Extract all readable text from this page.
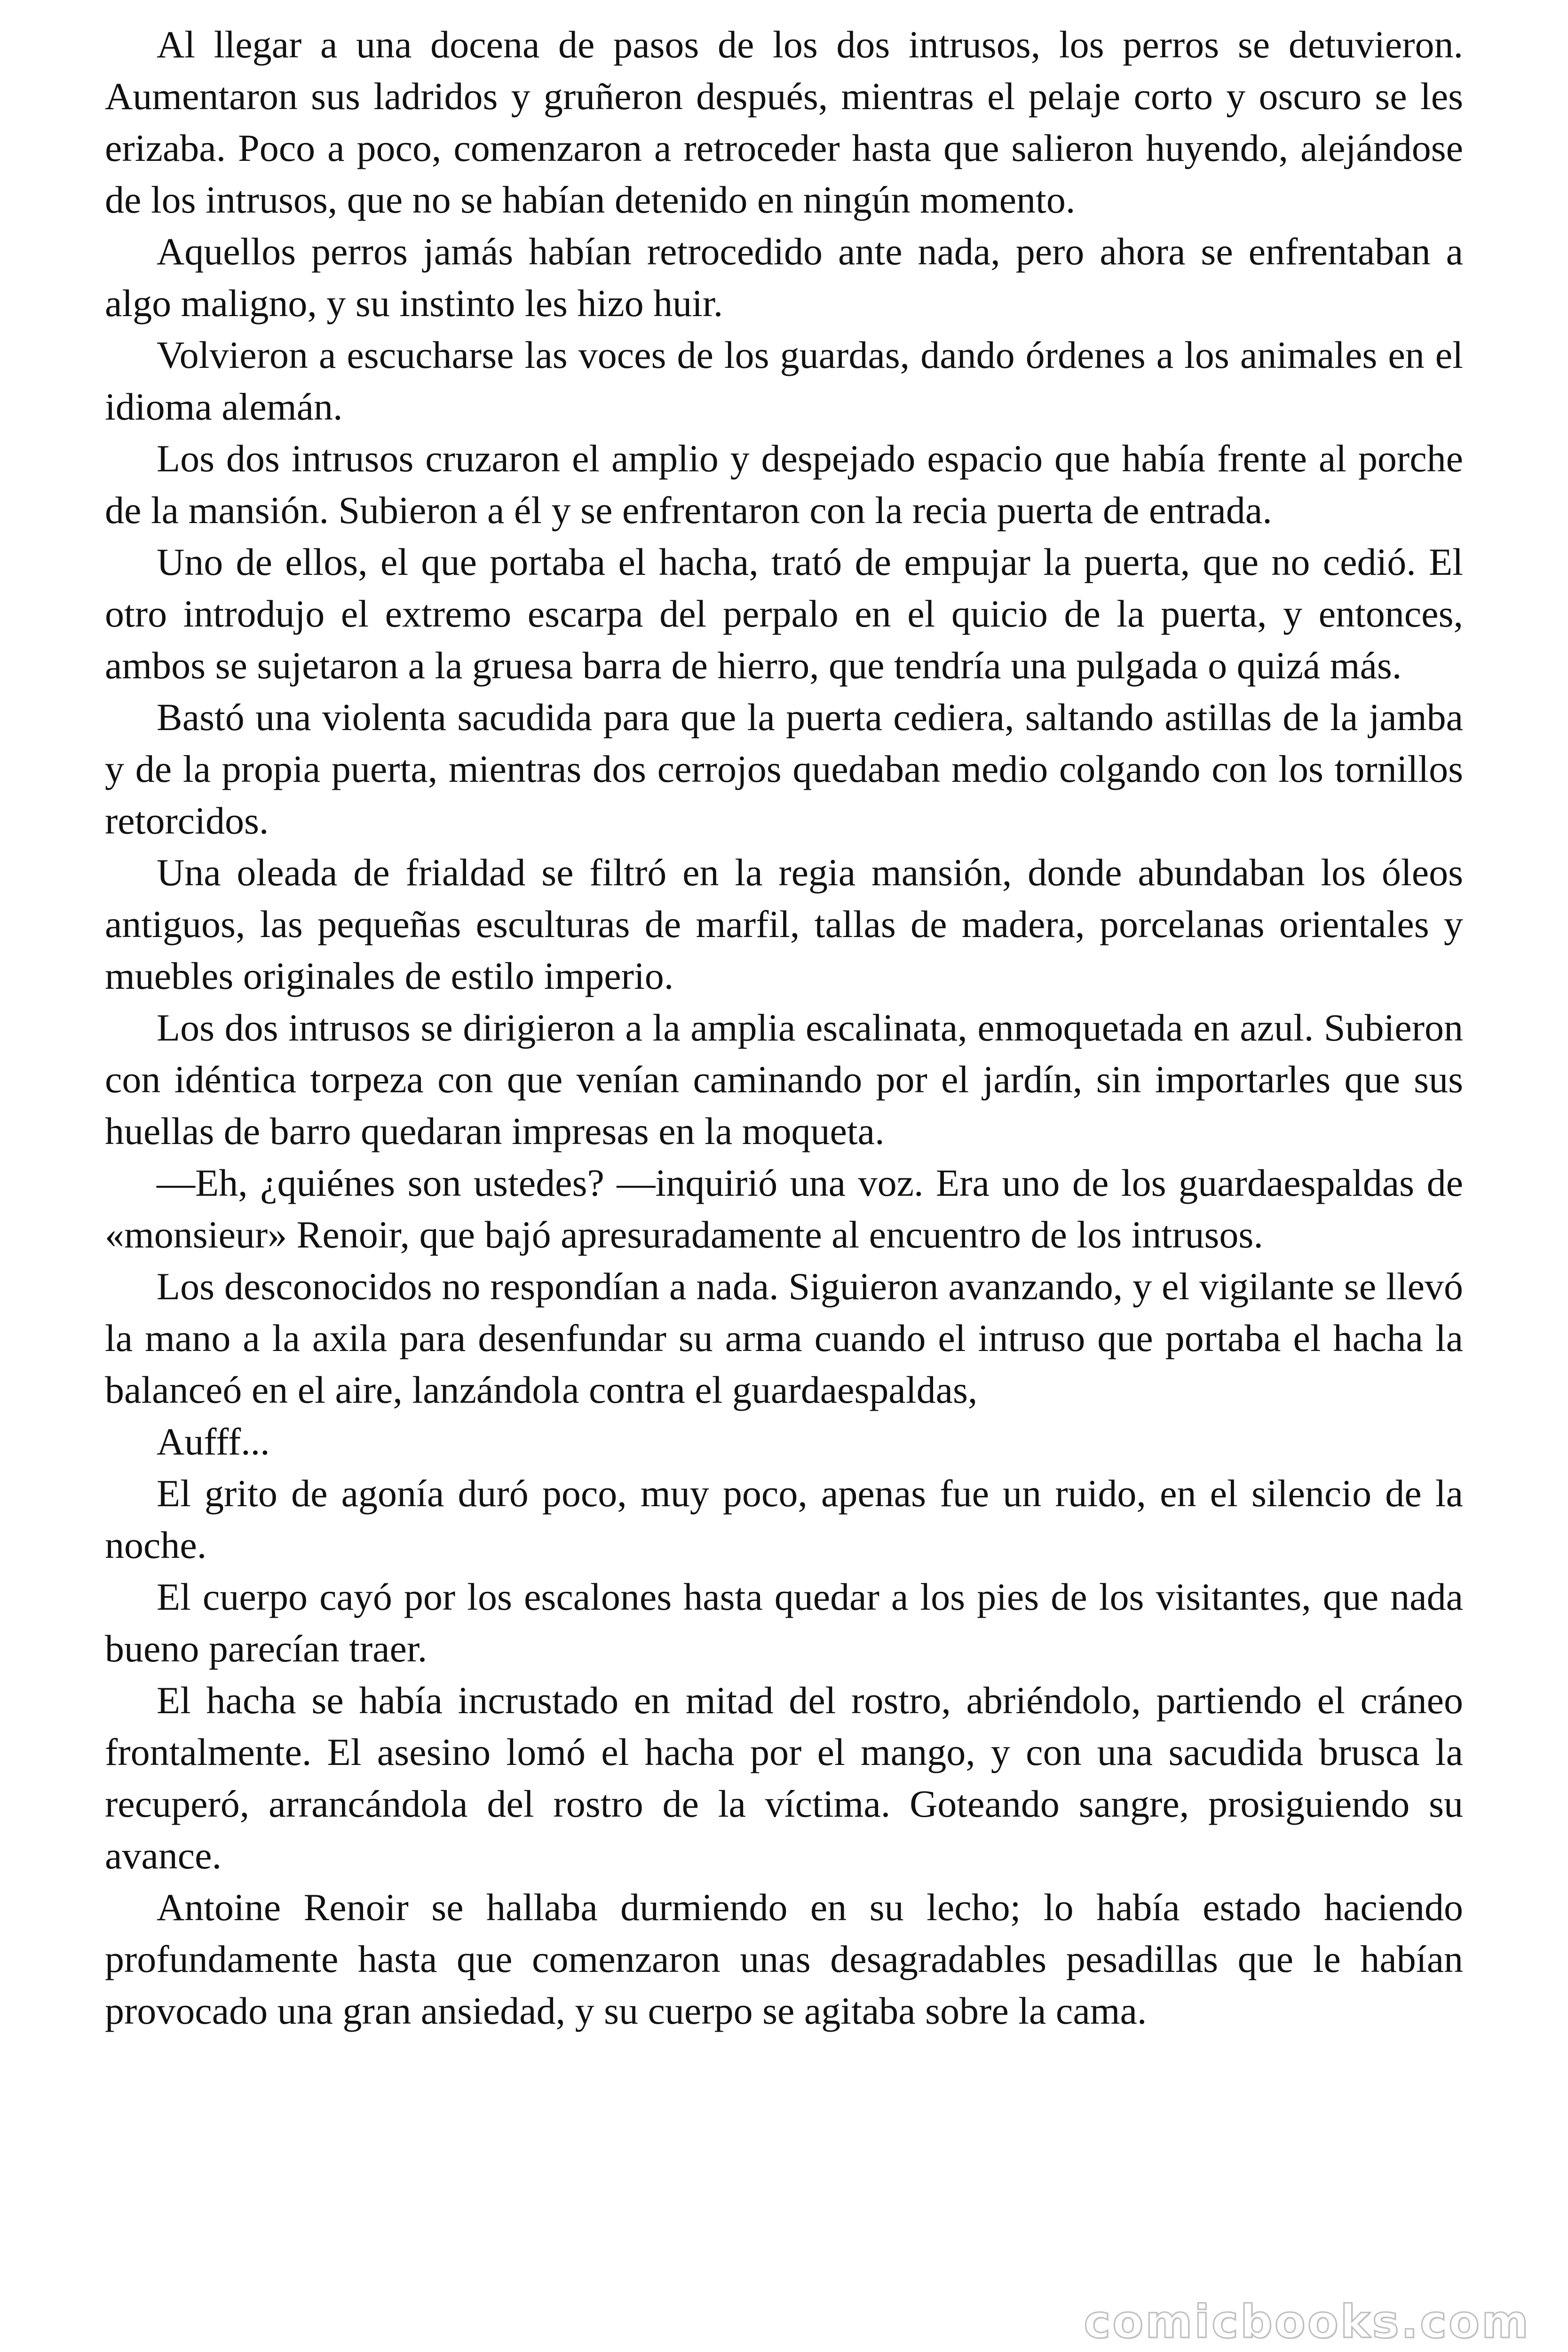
Al llegar a una docena de pasos de los dos intrusos, los perros se detuvieron. Aumentaron sus ladridos y gruñeron después, mientras el pelaje corto y oscuro se les erizaba. Poco a poco, comenzaron a retroceder hasta que salieron huyendo, alejándose de los intrusos, que no se habían detenido en ningún momento.

Aquellos perros jamás habían retrocedido ante nada, pero ahora se enfrentaban a algo maligno, y su instinto les hizo huir.

Volvieron a escucharse las voces de los guardas, dando órdenes a los animales en el idioma alemán.

Los dos intrusos cruzaron el amplio y despejado espacio que había frente al porche de la mansión. Subieron a él y se enfrentaron con la recia puerta de entrada.

Uno de ellos, el que portaba el hacha, trató de empujar la puerta, que no cedió. El otro introdujo el extremo escarpa del perpalo en el quicio de la puerta, y entonces, ambos se sujetaron a la gruesa barra de hierro, que tendría una pulgada o quizá más.

Bastó una violenta sacudida para que la puerta cediera, saltando astillas de la jamba y de la propia puerta, mientras dos cerrojos quedaban medio colgando con los tornillos retorcidos.

Una oleada de frialdad se filtró en la regia mansión, donde abundaban los óleos antiguos, las pequeñas esculturas de marfil, tallas de madera, porcelanas orientales y muebles originales de estilo imperio.

Los dos intrusos se dirigieron a la amplia escalinata, enmoquetada en azul. Subieron con idéntica torpeza con que venían caminando por el jardín, sin importarles que sus huellas de barro quedaran impresas en la moqueta.

—Eh, ¿quiénes son ustedes? —inquirió una voz. Era uno de los guardaespaldas de «monsieur» Renoir, que bajó apresuradamente al encuentro de los intrusos.

Los desconocidos no respondían a nada. Siguieron avanzando, y el vigilante se llevó la mano a la axila para desenfundar su arma cuando el intruso que portaba el hacha la balanceó en el aire, lanzándola contra el guardaespaldas,

Aufff...

El grito de agonía duró poco, muy poco, apenas fue un ruido, en el silencio de la noche.

El cuerpo cayó por los escalones hasta quedar a los pies de los visitantes, que nada bueno parecían traer.

El hacha se había incrustado en mitad del rostro, abriéndolo, partiendo el cráneo frontalmente. El asesino lomó el hacha por el mango, y con una sacudida brusca la recuperó, arrancándola del rostro de la víctima. Goteando sangre, prosiguiendo su avance.

Antoine Renoir se hallaba durmiendo en su lecho; lo había estado haciendo profundamente hasta que comenzaron unas desagradables pesadillas que le habían provocado una gran ansiedad, y su cuerpo se agitaba sobre la cama.

comicbooks.com
